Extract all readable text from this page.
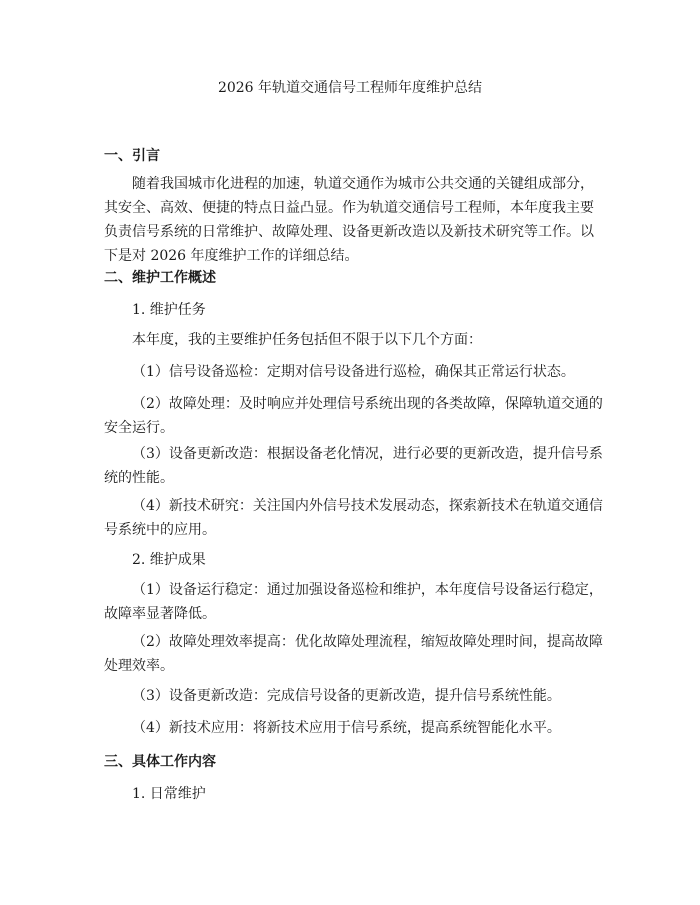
2026 年轨道交通信号工程师年度维护总结
一、引言
随着我国城市化进程的加速，轨道交通作为城市公共交通的关键组成部分，其安全、高效、便捷的特点日益凸显。作为轨道交通信号工程师，本年度我主要负责信号系统的日常维护、故障处理、设备更新改造以及新技术研究等工作。以下是对 2026 年度维护工作的详细总结。
二、维护工作概述
1. 维护任务
本年度，我的主要维护任务包括但不限于以下几个方面：
（1）信号设备巡检：定期对信号设备进行巡检，确保其正常运行状态。
（2）故障处理：及时响应并处理信号系统出现的各类故障，保障轨道交通的安全运行。
（3）设备更新改造：根据设备老化情况，进行必要的更新改造，提升信号系统的性能。
（4）新技术研究：关注国内外信号技术发展动态，探索新技术在轨道交通信号系统中的应用。
2. 维护成果
（1）设备运行稳定：通过加强设备巡检和维护，本年度信号设备运行稳定，故障率显著降低。
（2）故障处理效率提高：优化故障处理流程，缩短故障处理时间，提高故障处理效率。
（3）设备更新改造：完成信号设备的更新改造，提升信号系统性能。
（4）新技术应用：将新技术应用于信号系统，提高系统智能化水平。
三、具体工作内容
1. 日常维护
